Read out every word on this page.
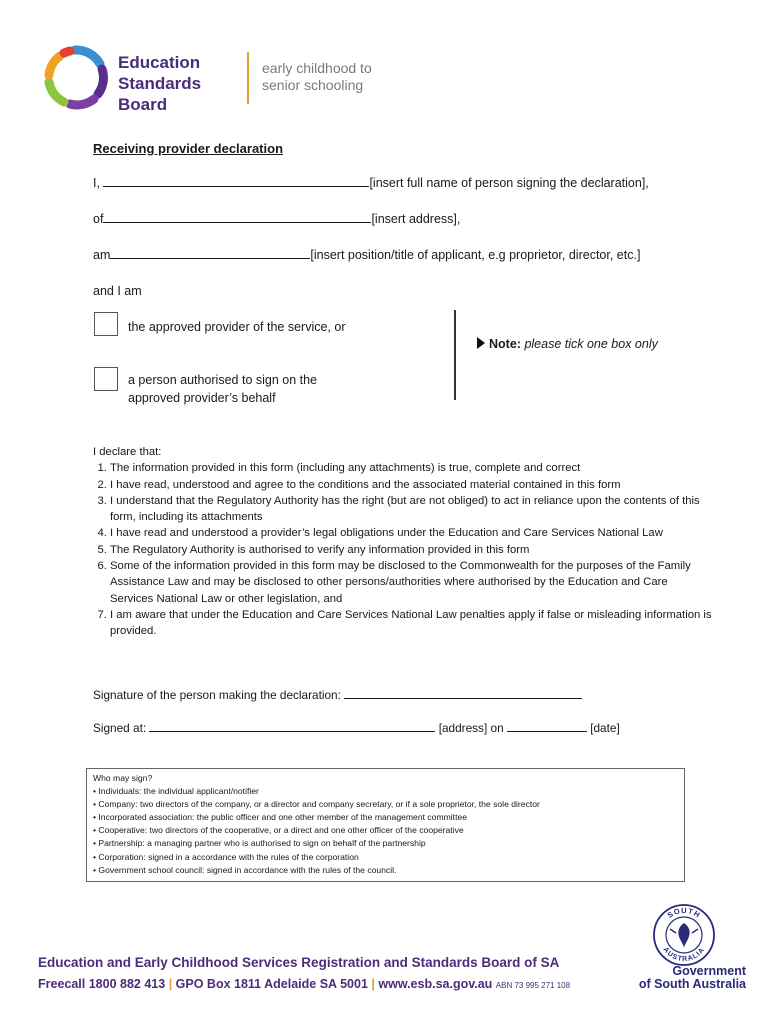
Education
Standards
Board
early childhood to
senior schooling
Receiving provider declaration
I,	[insert full name of person signing the declaration],
of	[insert address],
am	[insert position/title of applicant, e.g proprietor, director, etc.]
and I am
the approved provider of the service, or
a person authorised to sign on the
approved provider’s behalf
Note: please tick one box only
I declare that:
1. The information provided in this form (including any attachments) is true, complete and correct
2. I have read, understood and agree to the conditions and the associated material contained in this form
3. I understand that the Regulatory Authority has the right (but are not obliged) to act in reliance upon the contents of this form, including its attachments
4. I have read and understood a provider’s legal obligations under the Education and Care Services National Law
5. The Regulatory Authority is authorised to verify any information provided in this form
6. Some of the information provided in this form may be disclosed to the Commonwealth for the purposes of the Family Assistance Law and may be disclosed to other persons/authorities where authorised by the Education and Care Services National Law or other legislation, and
7. I am aware that under the Education and Care Services National Law penalties apply if false or misleading information is provided.
Signature of the person making the declaration:
Signed at:	[address] on	[date]
Who may sign?
• Individuals: the individual applicant/notifier
• Company: two directors of the company, or a director and company secretary, or if a sole proprietor, the sole director
• Incorporated association: the public officer and one other member of the management committee
• Cooperative: two directors of the cooperative, or a direct and one other officer of the cooperative
• Partnership: a managing partner who is authorised to sign on behalf of the partnership
• Corporation: signed in a accordance with the rules of the corporation
• Government school council: signed in accordance with the rules of the council.
Education and Early Childhood Services Registration and Standards Board of SA
Freecall 1800 882 413 | GPO Box 1811 Adelaide SA 5001 | www.esb.sa.gov.au ABN 73 995 271 108
SOUTH
AUSTRALIA
Government
of South Australia
